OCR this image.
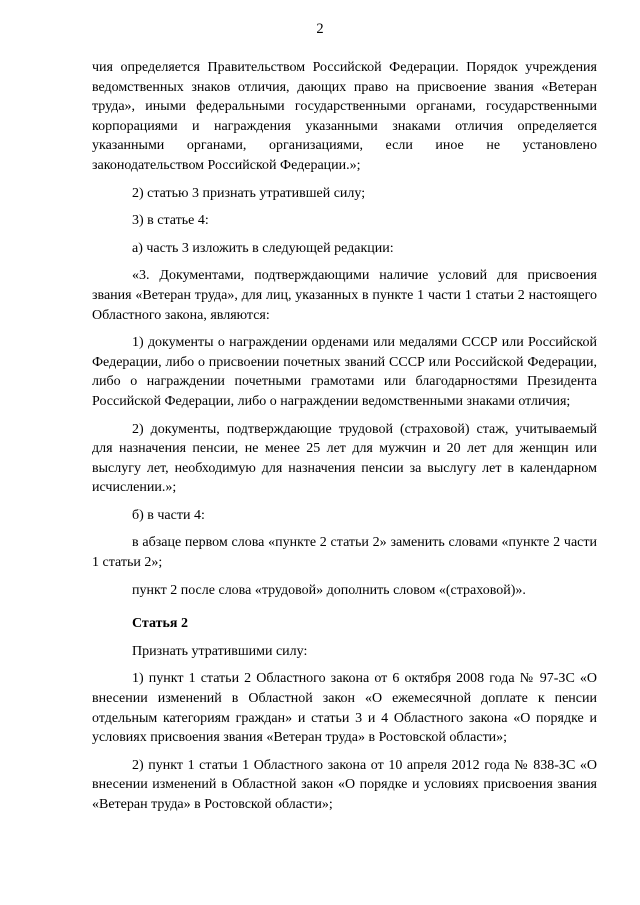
2

чия определяется Правительством Российской Федерации. Порядок учреждения ведомственных знаков отличия, дающих право на присвоение звания «Ветеран труда», иными федеральными государственными органами, государственными корпорациями и награждения указанными знаками отличия определяется указанными органами, организациями, если иное не установлено законодательством Российской Федерации.»;

2) статью 3 признать утратившей силу;

3) в статье 4:

а) часть 3 изложить в следующей редакции:

«3. Документами, подтверждающими наличие условий для присвоения звания «Ветеран труда», для лиц, указанных в пункте 1 части 1 статьи 2 настоящего Областного закона, являются:

1) документы о награждении орденами или медалями СССР или Российской Федерации, либо о присвоении почетных званий СССР или Российской Федерации, либо о награждении почетными грамотами или благодарностями Президента Российской Федерации, либо о награждении ведомственными знаками отличия;

2) документы, подтверждающие трудовой (страховой) стаж, учитываемый для назначения пенсии, не менее 25 лет для мужчин и 20 лет для женщин или выслугу лет, необходимую для назначения пенсии за выслугу лет в календарном исчислении.»;

б) в части 4:

в абзаце первом слова «пункте 2 статьи 2» заменить словами «пункте 2 части 1 статьи 2»;

пункт 2 после слова «трудовой» дополнить словом «(страховой)».

Статья 2

Признать утратившими силу:

1) пункт 1 статьи 2 Областного закона от 6 октября 2008 года № 97-ЗС «О внесении изменений в Областной закон «О ежемесячной доплате к пенсии отдельным категориям граждан» и статьи 3 и 4 Областного закона «О порядке и условиях присвоения звания «Ветеран труда» в Ростовской области»;

2) пункт 1 статьи 1 Областного закона от 10 апреля 2012 года № 838-ЗС «О внесении изменений в Областной закон «О порядке и условиях присвоения звания «Ветеран труда» в Ростовской области»;
